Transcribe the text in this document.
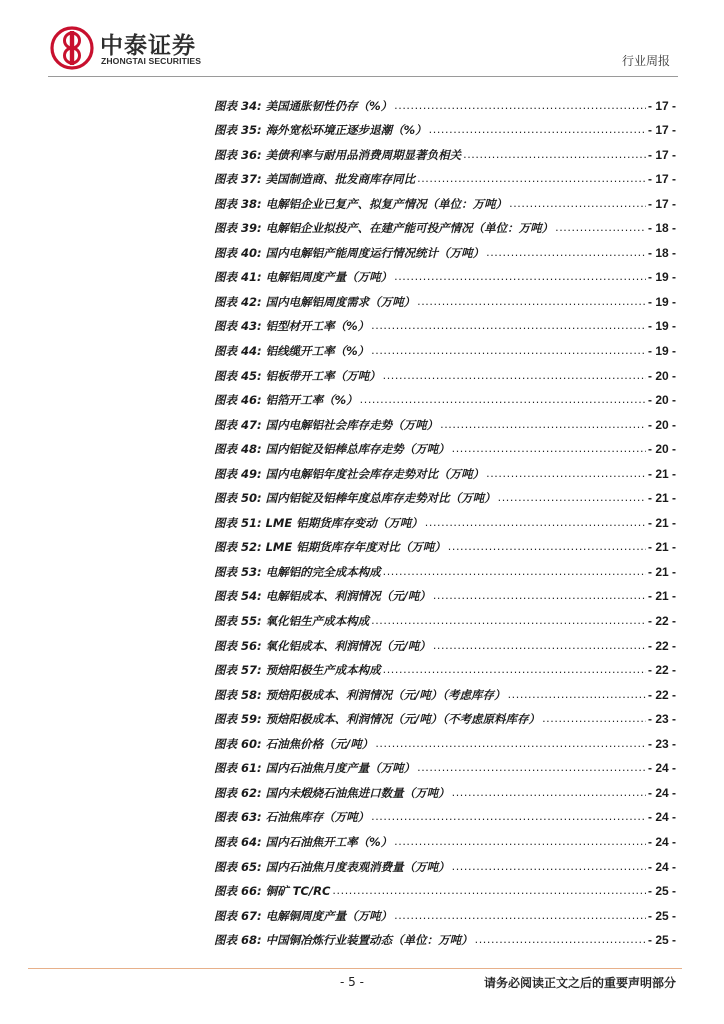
中泰证券
ZHONGTAI SECURITIES	行业周报
图表 34: 美国通胀韧性仍存（%） .....	- 17 -
图表 35: 海外宽松环境正逐步退潮（%） .....	- 17 -
图表 36: 美债利率与耐用品消费周期显著负相关 .....	- 17 -
图表 37: 美国制造商、批发商库存同比 .....	- 17 -
图表 38: 电解铝企业已复产、拟复产情况（单位：万吨） .....	- 17 -
图表 39: 电解铝企业拟投产、在建产能可投产情况（单位：万吨） .....	- 18 -
图表 40: 国内电解铝产能周度运行情况统计（万吨） .....	- 18 -
图表 41: 电解铝周度产量（万吨） .....	- 19 -
图表 42: 国内电解铝周度需求（万吨） .....	- 19 -
图表 43: 铝型材开工率（%） .....	- 19 -
图表 44: 铝线缆开工率（%） .....	- 19 -
图表 45: 铝板带开工率（万吨） .....	- 20 -
图表 46: 铝箔开工率（%） .....	- 20 -
图表 47: 国内电解铝社会库存走势（万吨） .....	- 20 -
图表 48: 国内铝锭及铝棒总库存走势（万吨） .....	- 20 -
图表 49: 国内电解铝年度社会库存走势对比（万吨） .....	- 21 -
图表 50: 国内铝锭及铝棒年度总库存走势对比（万吨） .....	- 21 -
图表 51: LME 铝期货库存变动（万吨） .....	- 21 -
图表 52: LME 铝期货库存年度对比（万吨） .....	- 21 -
图表 53: 电解铝的完全成本构成 .....	- 21 -
图表 54: 电解铝成本、利润情况（元/吨） .....	- 21 -
图表 55: 氧化铝生产成本构成 .....	- 22 -
图表 56: 氧化铝成本、利润情况（元/吨） .....	- 22 -
图表 57: 预焙阳极生产成本构成 .....	- 22 -
图表 58: 预焙阳极成本、利润情况（元/吨）（考虑库存） .....	- 22 -
图表 59: 预焙阳极成本、利润情况（元/吨）（不考虑原料库存） .....	- 23 -
图表 60: 石油焦价格（元/吨） .....	- 23 -
图表 61: 国内石油焦月度产量（万吨） .....	- 24 -
图表 62: 国内未煅烧石油焦进口数量（万吨） .....	- 24 -
图表 63: 石油焦库存（万吨） .....	- 24 -
图表 64: 国内石油焦开工率（%） .....	- 24 -
图表 65: 国内石油焦月度表观消费量（万吨） .....	- 24 -
图表 66: 铜矿 TC/RC .....	- 25 -
图表 67: 电解铜周度产量（万吨） .....	- 25 -
图表 68: 中国铜冶炼行业装置动态（单位：万吨） .....	- 25 -
- 5 -	请务必阅读正文之后的重要声明部分
